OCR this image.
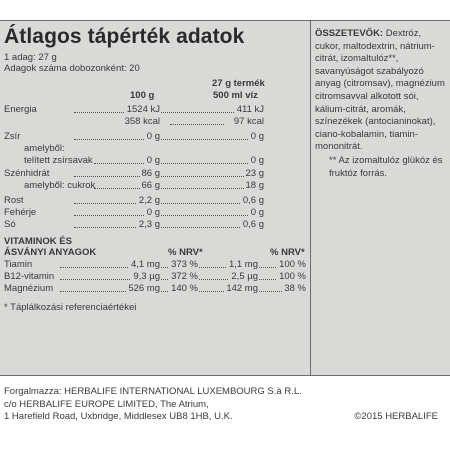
Átlagos tápérték adatok
1 adag: 27 g
Adagok száma dobozonként: 20
27 g termék
100 g	500 ml víz
Energia	1524 kJ	411 kJ
358 kcal	97 kcal
Zsír	0 g	0 g
amelyből:
telített zsírsavak	0 g	0 g
Szénhidrát	86 g	23 g
amelyből: cukrok	66 g	18 g
Rost	2,2 g	0,6 g
Fehérje	0 g	0 g
Só	2,3 g	0,6 g
VITAMINOK ÉS
ÁSVÁNYI ANYAGOK	% NRV*	% NRV*
Tiamin	4,1 mg 373 %	1,1 mg 100 %
B12-vitamin	9,3 µg 372 %	2,5 µg 100 %
Magnézium	526 mg 140 %	142 mg	38 %
* Táplálkozási referenciaértékei
ÖSSZETEVŐK: Dextróz, cukor, maltodextrin, nátrium-citrát, izomaltulóz**, savanyúságot szabályozó anyag (citromsav), magnézium citromsavval alkotott sói, kálium-citrát, aromák, színezékek (antocianinokat), ciano-kobalamin, tiamin-mononitrát.

** Az izomaltulóz glükóz és fruktóz forrás.
Forgalmazza: HERBALIFE INTERNATIONAL LUXEMBOURG S.à R.L.
c/o HERBALIFE EUROPE LIMITED, The Atrium,
1 Harefield Road, Uxbridge, Middlesex UB8 1HB, U.K.	©2015 HERBALIFE
